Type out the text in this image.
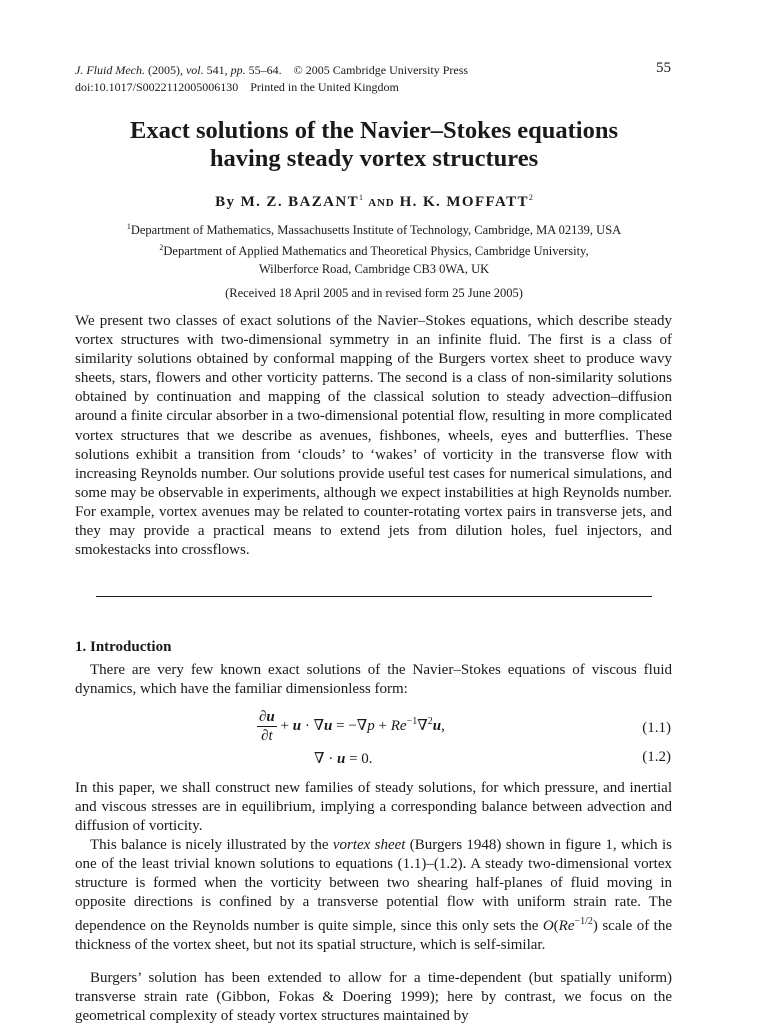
J. Fluid Mech. (2005), vol. 541, pp. 55–64. © 2005 Cambridge University Press
doi:10.1017/S0022112005006130 Printed in the United Kingdom
55
Exact solutions of the Navier–Stokes equations
having steady vortex structures
By M. Z. BAZANT$^1$ AND H. K. MOFFATT$^2$
$^1$Department of Mathematics, Massachusetts Institute of Technology, Cambridge, MA 02139, USA
$^2$Department of Applied Mathematics and Theoretical Physics, Cambridge University,
Wilberforce Road, Cambridge CB3 0WA, UK
(Received 18 April 2005 and in revised form 25 June 2005)
We present two classes of exact solutions of the Navier–Stokes equations, which describe steady vortex structures with two-dimensional symmetry in an infinite fluid. The first is a class of similarity solutions obtained by conformal mapping of the Burgers vortex sheet to produce wavy sheets, stars, flowers and other vorticity patterns. The second is a class of non-similarity solutions obtained by continuation and mapping of the classical solution to steady advection–diffusion around a finite circular absorber in a two-dimensional potential flow, resulting in more complicated vortex structures that we describe as avenues, fishbones, wheels, eyes and butterflies. These solutions exhibit a transition from ‘clouds’ to ‘wakes’ of vorticity in the transverse flow with increasing Reynolds number. Our solutions provide useful test cases for numerical simulations, and some may be observable in experiments, although we expect instabilities at high Reynolds number. For example, vortex avenues may be related to counter-rotating vortex pairs in transverse jets, and they may provide a practical means to extend jets from dilution holes, fuel injectors, and smokestacks into crossflows.
1. Introduction
There are very few known exact solutions of the Navier–Stokes equations of viscous fluid dynamics, which have the familiar dimensionless form:
$\frac{\partial u}{\partial t} + u \cdot \nabla u = -\nabla p + Re^{-1}\nabla^2u$,	(1.1)
∇ · u = 0.	(1.2)
In this paper, we shall construct new families of steady solutions, for which pressure, and inertial and viscous stresses are in equilibrium, implying a corresponding balance between advection and diffusion of vorticity.
This balance is nicely illustrated by the vortex sheet (Burgers 1948) shown in figure 1, which is one of the least trivial known solutions to equations (1.1)–(1.2). A steady two-dimensional vortex structure is formed when the vorticity between two shearing half-planes of fluid moving in opposite directions is confined by a transverse potential flow with uniform strain rate. The dependence on the Reynolds number is quite simple, since this only sets the $O(Re^{-1/2})$ scale of the thickness of the vortex sheet, but not its spatial structure, which is self-similar.
Burgers’ solution has been extended to allow for a time-dependent (but spatially uniform) transverse strain rate (Gibbon, Fokas & Doering 1999); here by contrast, we focus on the geometrical complexity of steady vortex structures maintained by
